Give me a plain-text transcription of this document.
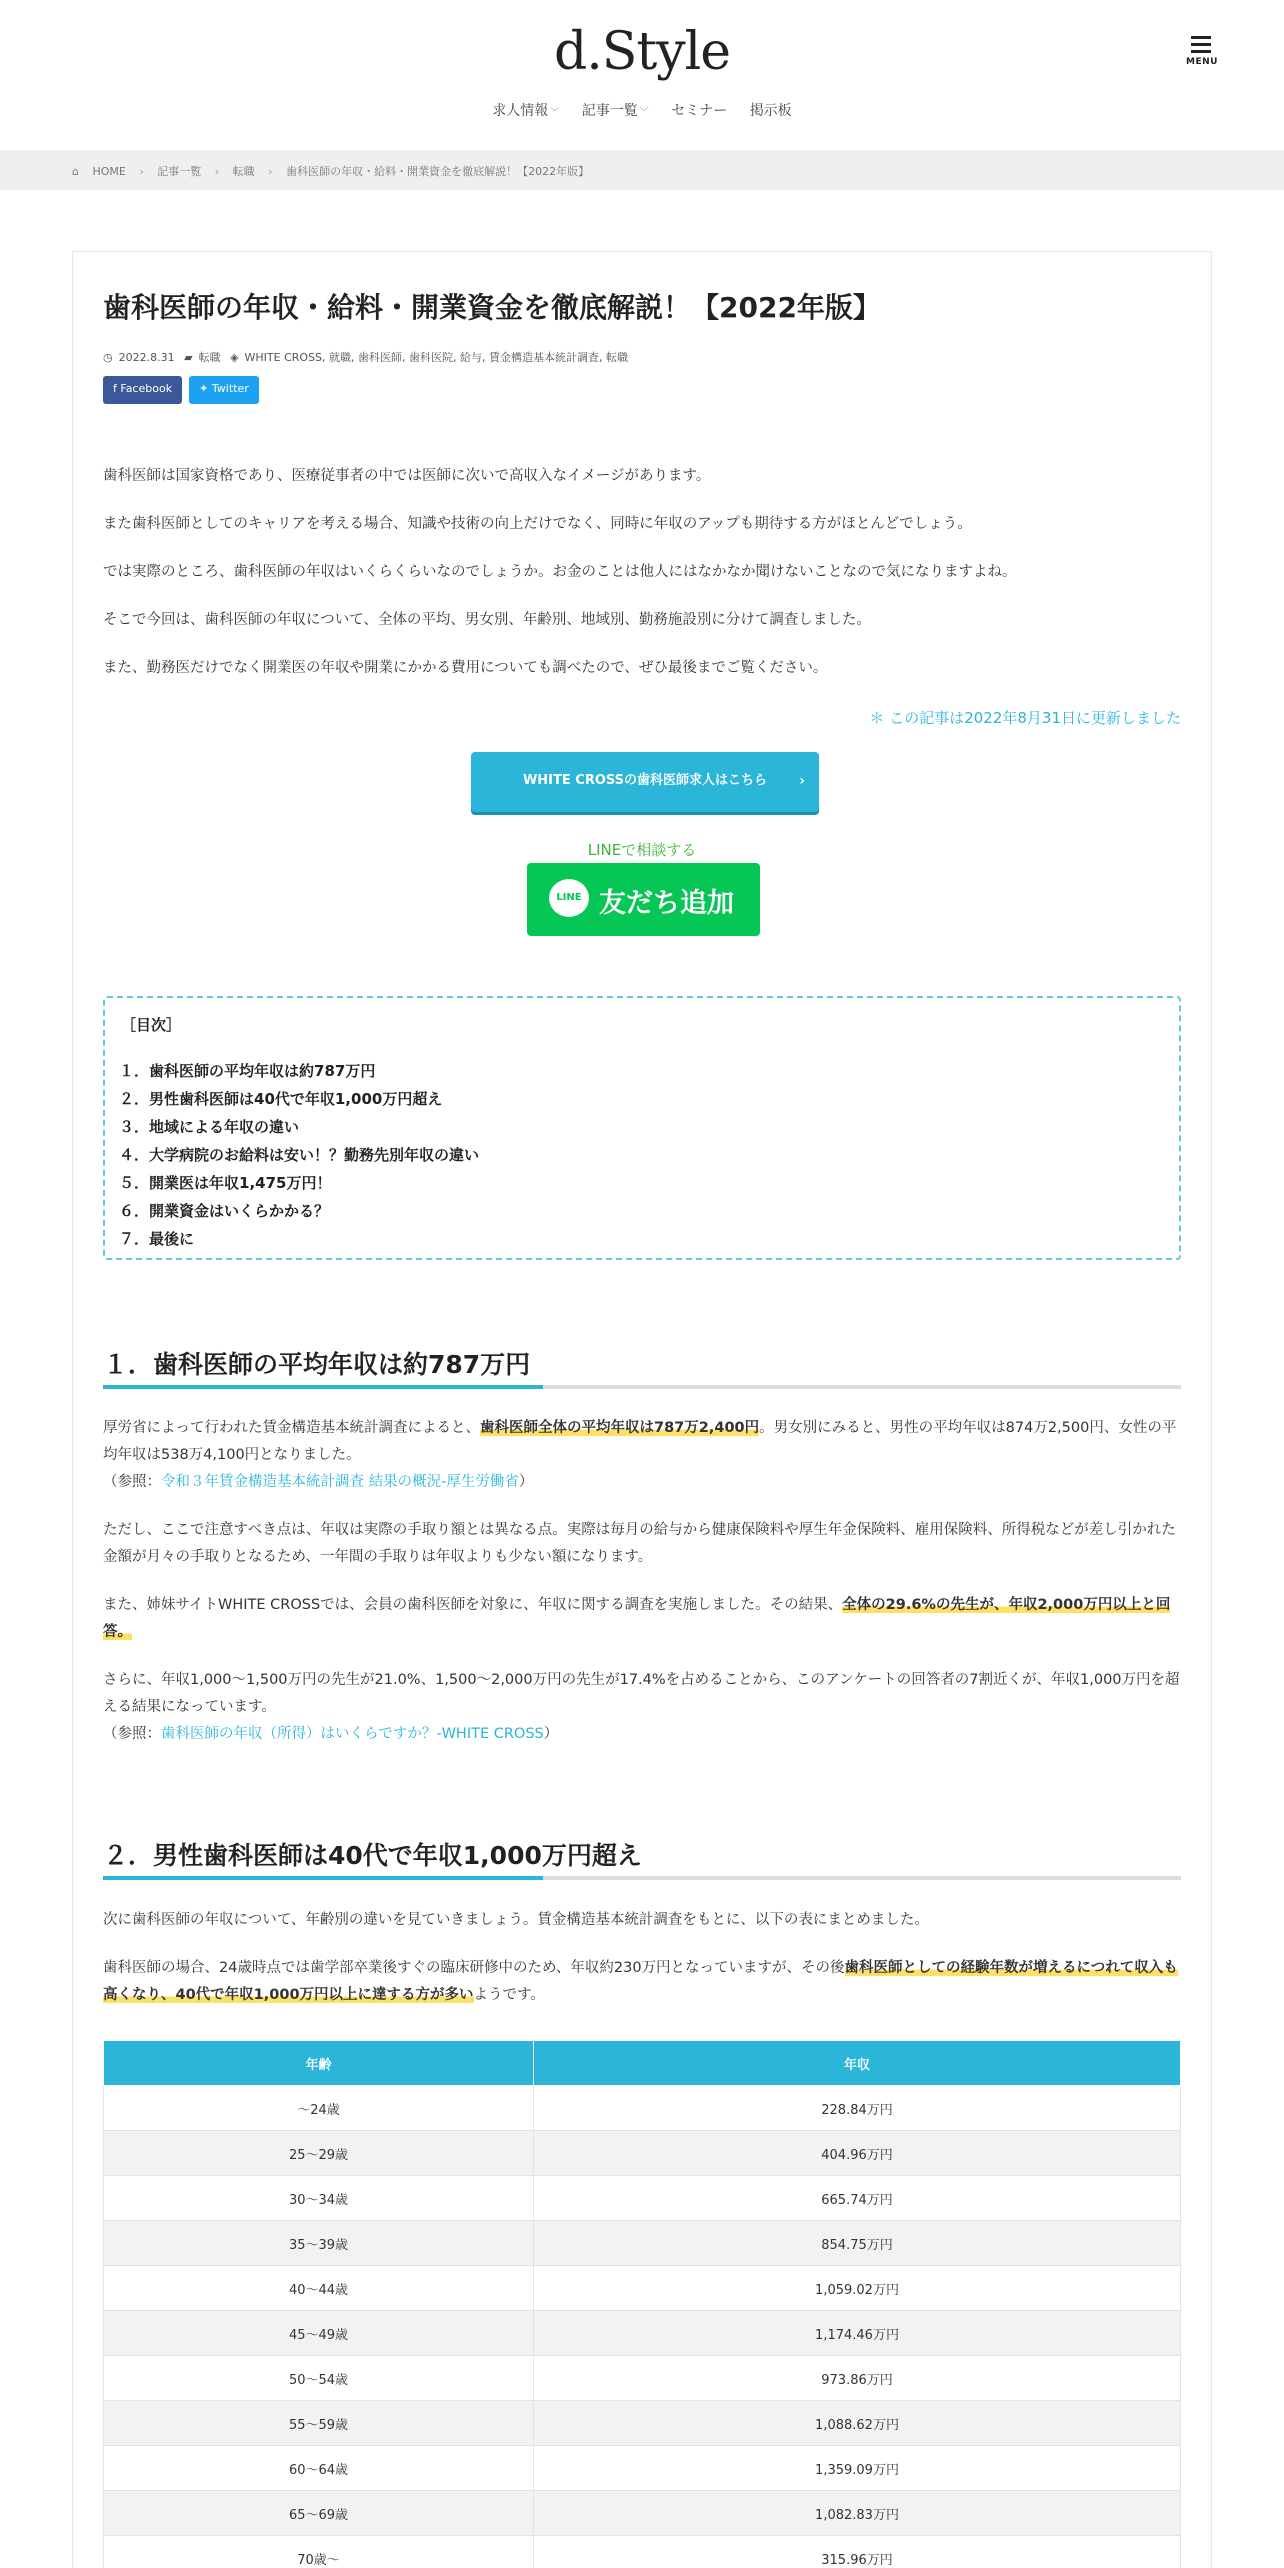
d.Style	MENU
求人情報 ﹀ 記事一覧 ﹀ セミナー 掲示板
⌂ HOME › 記事一覧 › 転職 › 歯科医師の年収・給料・開業資金を徹底解説！【2022年版】
歯科医師の年収・給料・開業資金を徹底解説！【2022年版】
◷ 2022.8.31 ▰ 転職 ◈ WHITE CROSS, 就職, 歯科医師, 歯科医院, 給与, 賃金構造基本統計調査, 転職
f Facebook ✦ Twitter

歯科医師は国家資格であり、医療従事者の中では医師に次いで高収入なイメージがあります。

また歯科医師としてのキャリアを考える場合、知識や技術の向上だけでなく、同時に年収のアップも期待する方がほとんどでしょう。

では実際のところ、歯科医師の年収はいくらくらいなのでしょうか。お金のことは他人にはなかなか聞けないことなので気になりますよね。

そこで今回は、歯科医師の年収について、全体の平均、男女別、年齢別、地域別、勤務施設別に分けて調査しました。

また、勤務医だけでなく開業医の年収や開業にかかる費用についても調べたので、ぜひ最後までご覧ください。

＊ この記事は2022年8月31日に更新しました
WHITE CROSSの歯科医師求人はこちら ›
LINEで相談する
LINE 友だち追加
［目次］
１．歯科医師の平均年収は約787万円
２．男性歯科医師は40代で年収1,000万円超え
３．地域による年収の違い
４．大学病院のお給料は安い！？勤務先別年収の違い
５．開業医は年収1,475万円！
６．開業資金はいくらかかる？
７．最後に
１．歯科医師の平均年収は約787万円

厚労省によって行われた賃金構造基本統計調査によると、歯科医師全体の平均年収は787万2,400円。男女別にみると、男性の平均年収は874万2,500円、女性の平均年収は538万4,100円となりました。
（参照：令和３年賃金構造基本統計調査 結果の概況-厚生労働省）

ただし、ここで注意すべき点は、年収は実際の手取り額とは異なる点。実際は毎月の給与から健康保険料や厚生年金保険料、雇用保険料、所得税などが差し引かれた金額が月々の手取りとなるため、一年間の手取りは年収よりも少ない額になります。

また、姉妹サイトWHITE CROSSでは、会員の歯科医師を対象に、年収に関する調査を実施しました。その結果、全体の29.6%の先生が、年収2,000万円以上と回答。

さらに、年収1,000〜1,500万円の先生が21.0%、1,500〜2,000万円の先生が17.4%を占めることから、このアンケートの回答者の7割近くが、年収1,000万円を超える結果になっています。
（参照：歯科医師の年収（所得）はいくらですか？-WHITE CROSS）

２．男性歯科医師は40代で年収1,000万円超え

次に歯科医師の年収について、年齢別の違いを見ていきましょう。賃金構造基本統計調査をもとに、以下の表にまとめました。

歯科医師の場合、24歳時点では歯学部卒業後すぐの臨床研修中のため、年収約230万円となっていますが、その後歯科医師としての経験年数が増えるにつれて収入も高くなり、40代で年収1,000万円以上に達する方が多いようです。

年齢	年収
～24歳	228.84万円
25～29歳	404.96万円
30～34歳	665.74万円
35～39歳	854.75万円
40～44歳	1,059.02万円
45～49歳	1,174.46万円
50～54歳	973.86万円
55～59歳	1,088.62万円
60～64歳	1,359.09万円
65～69歳	1,082.83万円
70歳～	315.96万円
